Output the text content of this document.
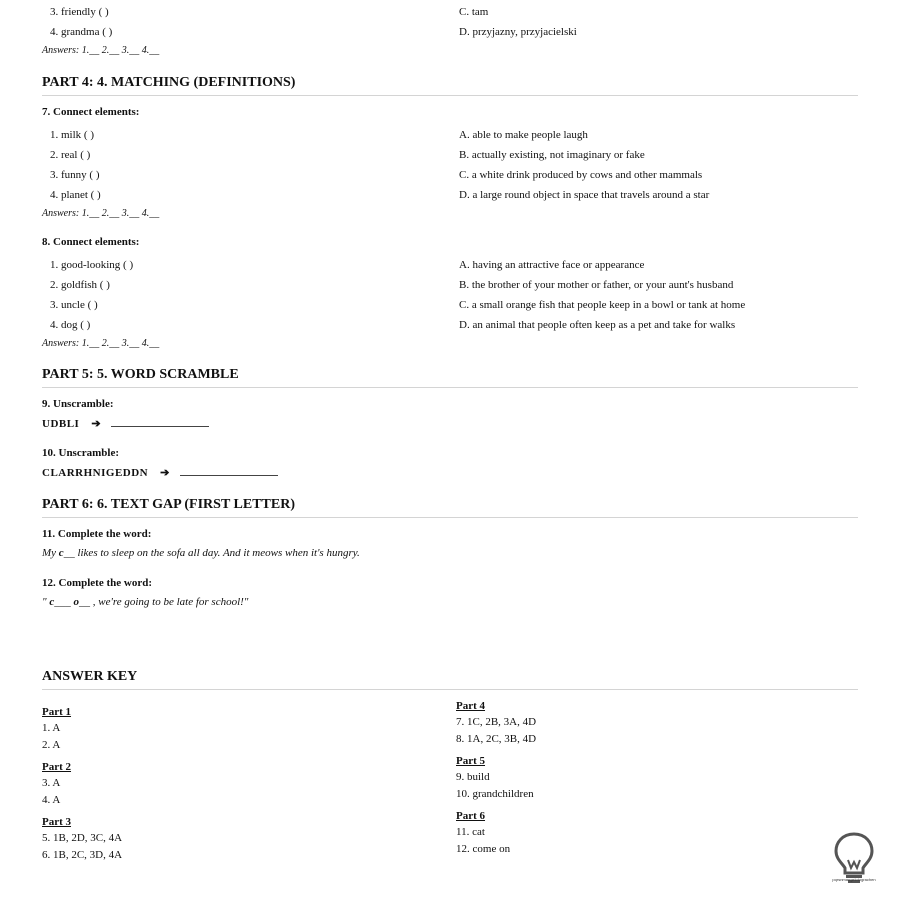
3. friendly ( )	C. tam
4. grandma ( )	D. przyjazny, przyjacielski
Answers: 1.__ 2.__ 3.__ 4.__
PART 4: 4. MATCHING (DEFINITIONS)
7. Connect elements:
1. milk ( )	A. able to make people laugh
2. real ( )	B. actually existing, not imaginary or fake
3. funny ( )	C. a white drink produced by cows and other mammals
4. planet ( )	D. a large round object in space that travels around a star
Answers: 1.__ 2.__ 3.__ 4.__
8. Connect elements:
1. good-looking ( )	A. having an attractive face or appearance
2. goldfish ( )	B. the brother of your mother or father, or your aunt's husband
3. uncle ( )	C. a small orange fish that people keep in a bowl or tank at home
4. dog ( )	D. an animal that people often keep as a pet and take for walks
Answers: 1.__ 2.__ 3.__ 4.__
PART 5: 5. WORD SCRAMBLE
9. Unscramble:
UDBLI ➔
10. Unscramble:
CLARRHNIGEDDN ➔
PART 6: 6. TEXT GAP (FIRST LETTER)
11. Complete the word:
My c__ likes to sleep on the sofa all day. And it meows when it's hungry.
12. Complete the word:
" c___ o__ , we're going to be late for school!"
ANSWER KEY
Part 1
1. A
2. A
Part 2
3. A
4. A
Part 3
5. 1B, 2D, 3C, 4A
6. 1B, 2C, 3D, 4A
Part 4
7. 1C, 2B, 3A, 4D
8. 1A, 2C, 3B, 4D
Part 5
9. build
10. grandchildren
Part 6
11. cat
12. come on
pqrsnmangelotograchen
